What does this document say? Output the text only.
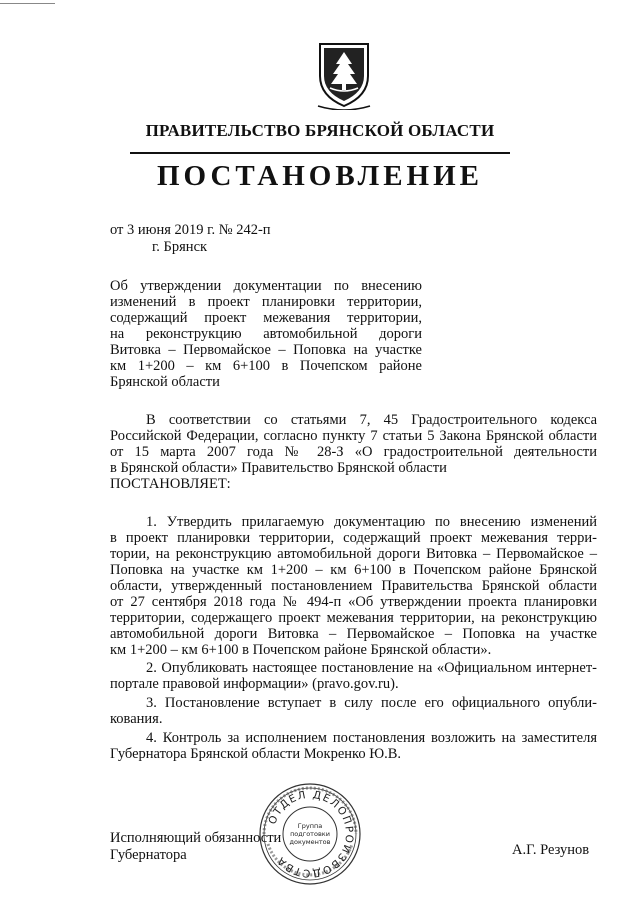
ПРАВИТЕЛЬСТВО БРЯНСКОЙ ОБЛАСТИ
ПОСТАНОВЛЕНИЕ
от 3 июня 2019 г. № 242-п
г. Брянск
Об утверждении документации по внесению
изменений в проект планировки территории,
содержащий проект межевания территории,
на реконструкцию автомобильной дороги
Витовка – Первомайское – Поповка на участке
км 1+200 – км 6+100 в Почепском районе
Брянской области
В соответствии со статьями 7, 45 Градостроительного кодекса
Российской Федерации, согласно пункту 7 статьи 5 Закона Брянской области
от 15 марта 2007 года № 28-З «О градостроительной деятельности
в Брянской области» Правительство Брянской области
ПОСТАНОВЛЯЕТ:
1. Утвердить прилагаемую документацию по внесению изменений
в проект планировки территории, содержащий проект межевания терри-
тории, на реконструкцию автомобильной дороги Витовка – Первомайское –
Поповка на участке км 1+200 – км 6+100 в Почепском районе Брянской
области, утвержденный постановлением Правительства Брянской области
от 27 сентября 2018 года № 494-п «Об утверждении проекта планировки
территории, содержащего проект межевания территории, на реконструкцию
автомобильной дороги Витовка – Первомайское – Поповка на участке
км 1+200 – км 6+100 в Почепском районе Брянской области».
2. Опубликовать настоящее постановление на «Официальном интернет-
портале правовой информации» (pravo.gov.ru).
3. Постановление вступает в силу после его официального опубли-
кования.
4. Контроль за исполнением постановления возложить на заместителя
Губернатора Брянской области Мокренко Ю.В.
Исполняющий обязанности
Губернатора	А.Г. Резунов
ОТДЕЛ ДЕЛОПРОИЗВОДСТВА
Группа
подготовки
документов
